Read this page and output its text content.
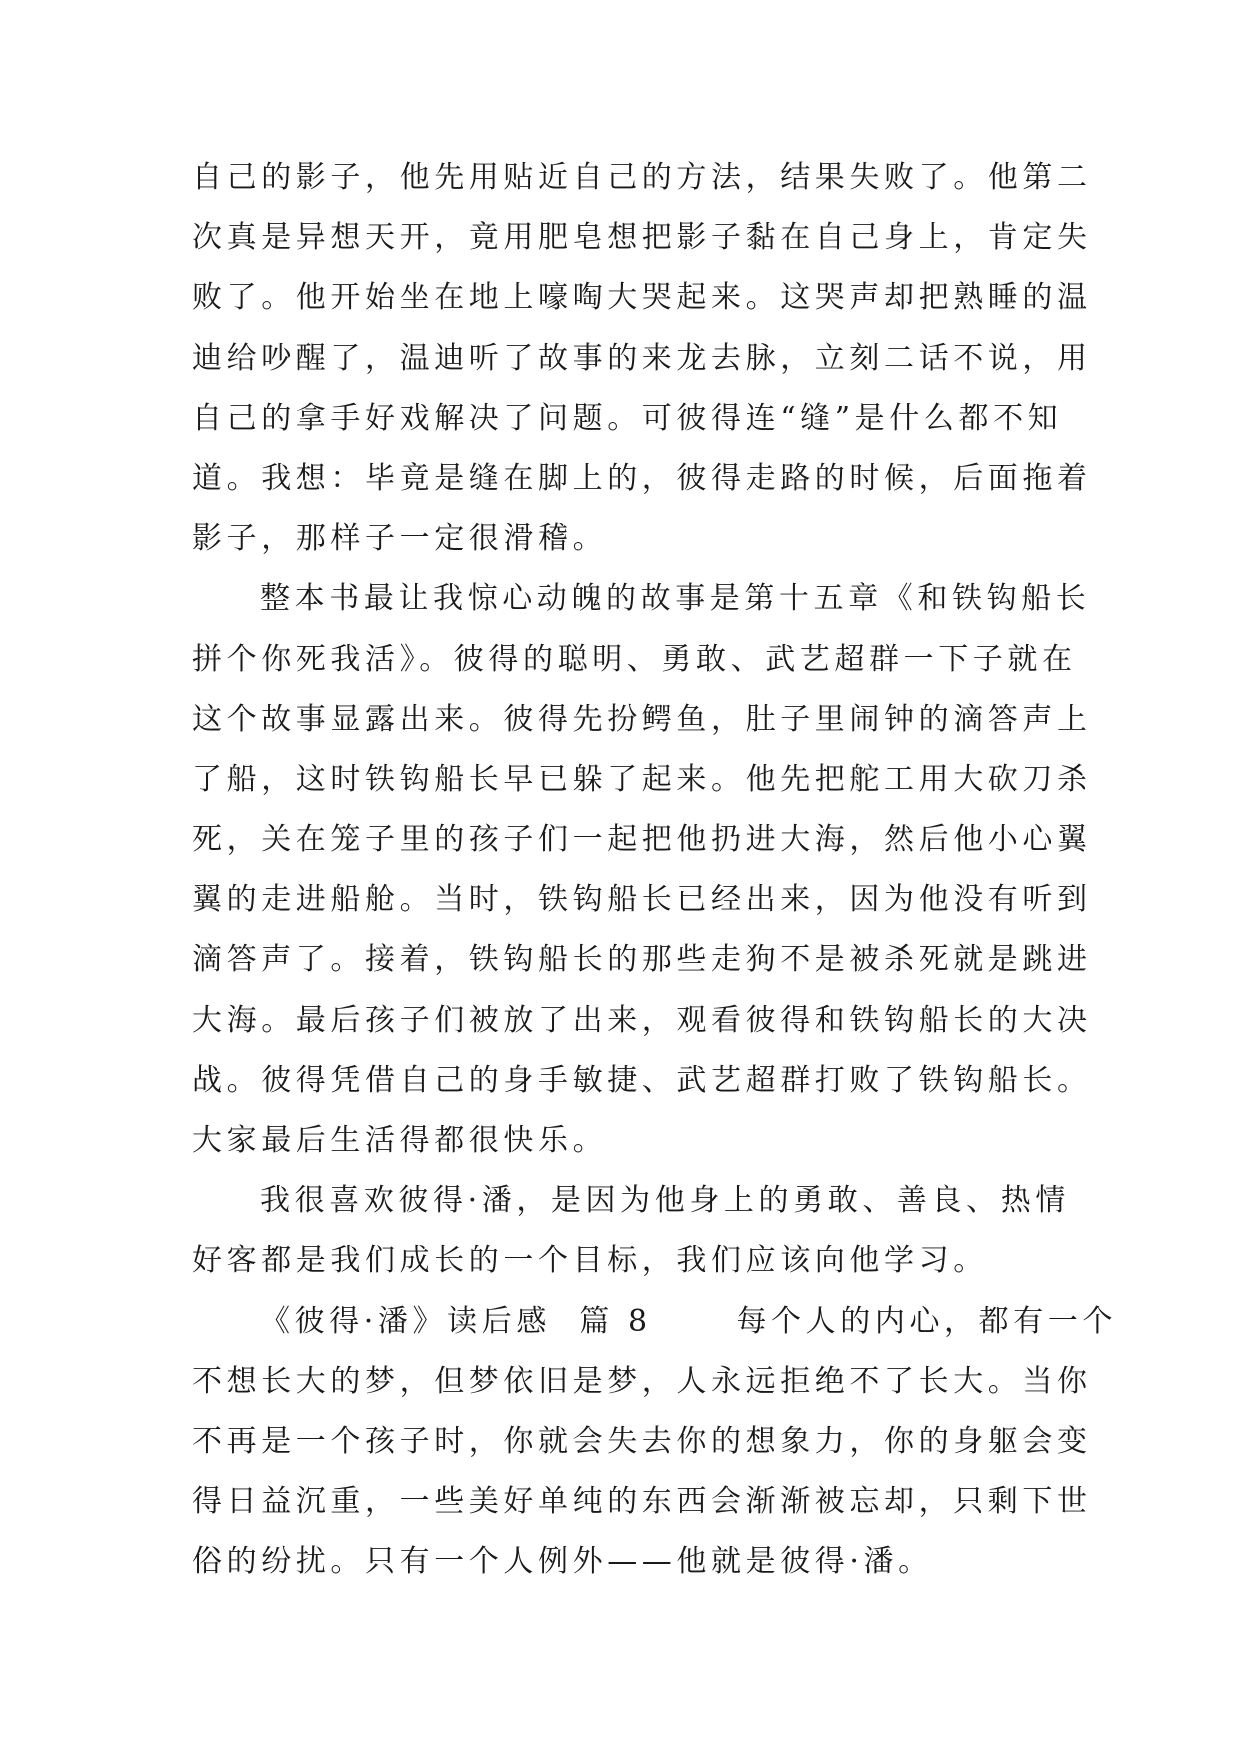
自己的影子，他先用贴近自己的方法，结果失败了。他第二
次真是异想天开，竟用肥皂想把影子黏在自己身上，肯定失
败了。他开始坐在地上嚎啕大哭起来。这哭声却把熟睡的温
迪给吵醒了，温迪听了故事的来龙去脉，立刻二话不说，用
自己的拿手好戏解决了问题。可彼得连“缝”是什么都不知
道。我想：毕竟是缝在脚上的，彼得走路的时候，后面拖着
影子，那样子一定很滑稽。
整本书最让我惊心动魄的故事是第十五章《和铁钩船长
拼个你死我活》。彼得的聪明、勇敢、武艺超群一下子就在
这个故事显露出来。彼得先扮鳄鱼，肚子里闹钟的滴答声上
了船，这时铁钩船长早已躲了起来。他先把舵工用大砍刀杀
死，关在笼子里的孩子们一起把他扔进大海，然后他小心翼
翼的走进船舱。当时，铁钩船长已经出来，因为他没有听到
滴答声了。接着，铁钩船长的那些走狗不是被杀死就是跳进
大海。最后孩子们被放了出来，观看彼得和铁钩船长的大决
战。彼得凭借自己的身手敏捷、武艺超群打败了铁钩船长。
大家最后生活得都很快乐。
我很喜欢彼得·潘，是因为他身上的勇敢、善良、热情
好客都是我们成长的一个目标，我们应该向他学习。
《彼得·潘》读后感  篇 8      每个人的内心，都有一个
不想长大的梦，但梦依旧是梦，人永远拒绝不了长大。当你
不再是一个孩子时，你就会失去你的想象力，你的身躯会变
得日益沉重，一些美好单纯的东西会渐渐被忘却，只剩下世
俗的纷扰。只有一个人例外——他就是彼得·潘。
